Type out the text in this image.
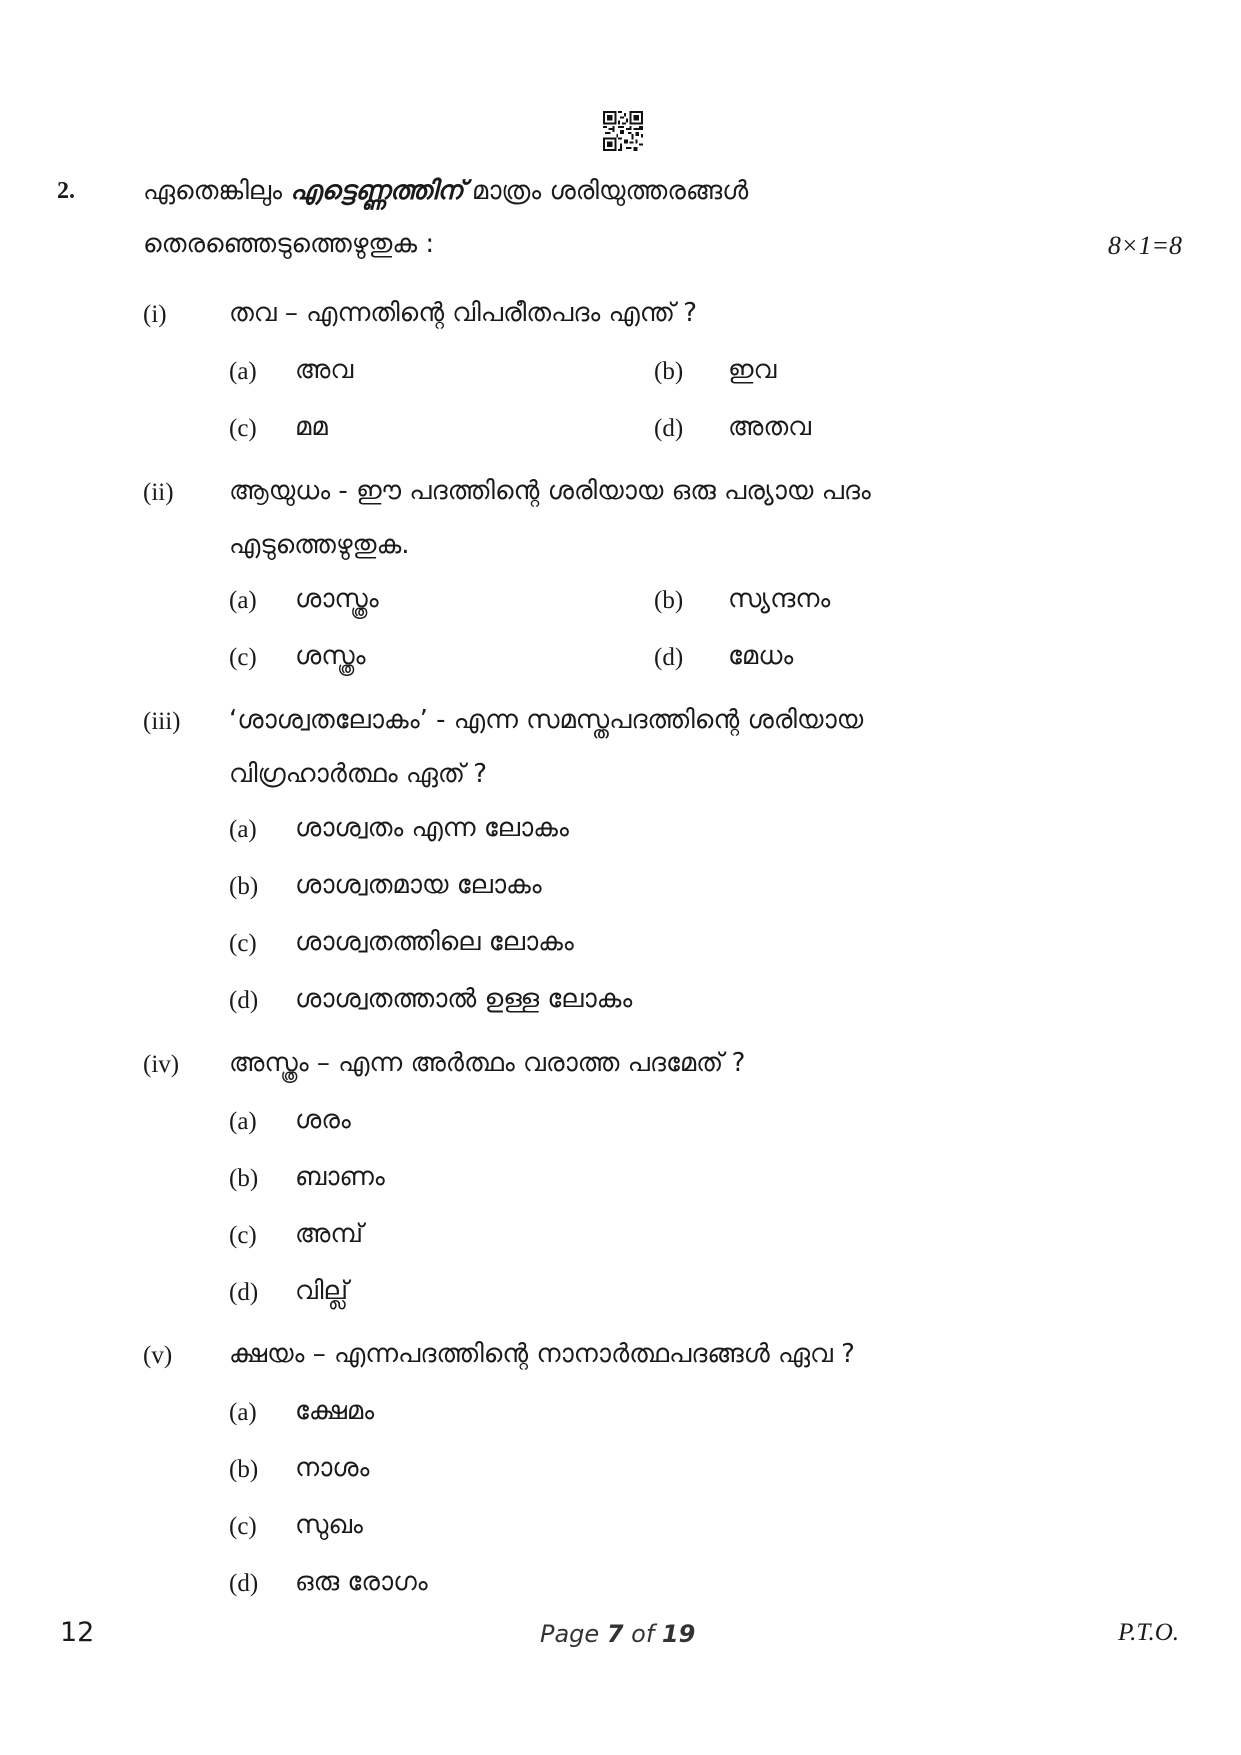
2.	ഏതെങ്കിലും എട്ടെണ്ണത്തിന് മാത്രം ശരിയുത്തരങ്ങൾ
തെരഞ്ഞെടുത്തെഴുതുക :	8×1=8
(i) തവ – എന്നതിന്റെ വിപരീതപദം എന്ത് ?
(a) അവ	(b) ഇവ
(c) മമ	(d) അതവ
(ii) ആയുധം - ഈ പദത്തിന്റെ ശരിയായ ഒരു പര്യായ പദം
എടുത്തെഴുതുക.
(a) ശാസ്ത്രം	(b) സ്യന്ദനം
(c) ശസ്ത്രം	(d) മേധം
(iii) ‘ശാശ്വതലോകം’ - എന്ന സമസ്തപദത്തിന്റെ ശരിയായ
വിഗ്രഹാർത്ഥം ഏത് ?
(a) ശാശ്വതം എന്ന ലോകം
(b) ശാശ്വതമായ ലോകം
(c) ശാശ്വതത്തിലെ ലോകം
(d) ശാശ്വതത്താൽ ഉള്ള ലോകം
(iv) അസ്ത്രം – എന്ന അർത്ഥം വരാത്ത പദമേത് ?
(a) ശരം
(b) ബാണം
(c) അമ്പ്
(d) വില്ല്
(v) ക്ഷയം – എന്നപദത്തിന്റെ നാനാർത്ഥപദങ്ങൾ ഏവ ?
(a) ക്ഷേമം
(b) നാശം
(c) സുഖം
(d) ഒരു രോഗം
12	Page 7 of 19	P.T.O.
